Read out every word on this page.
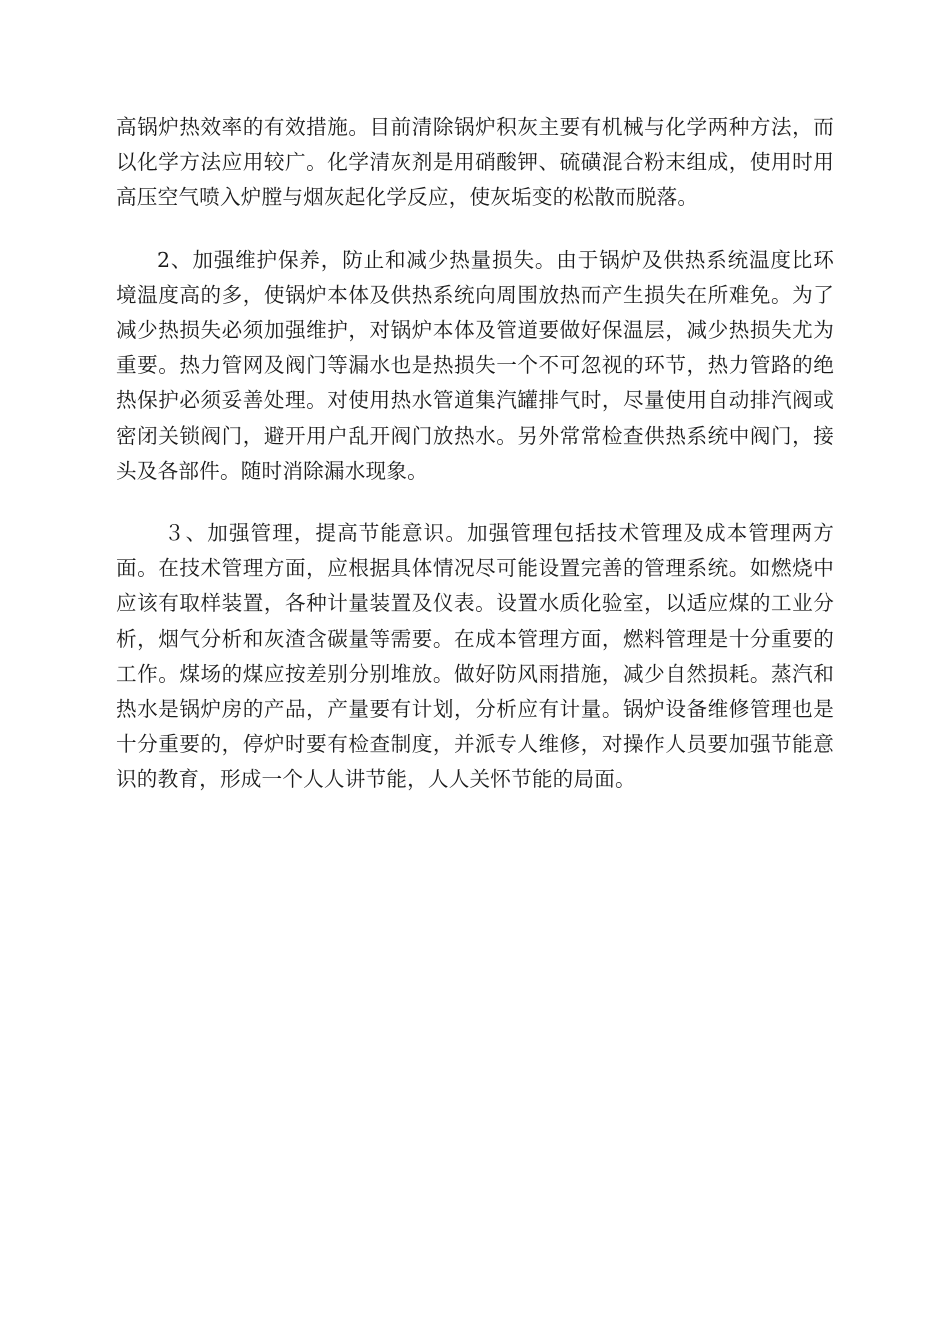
高锅炉热效率的有效措施。目前清除锅炉积灰主要有机械与化学两种方法，而以化学方法应用较广。化学清灰剂是用硝酸钾、硫磺混合粉末组成，使用时用高压空气喷入炉膛与烟灰起化学反应，使灰垢变的松散而脱落。

2、加强维护保养，防止和减少热量损失。由于锅炉及供热系统温度比环境温度高的多，使锅炉本体及供热系统向周围放热而产生损失在所难免。为了减少热损失必须加强维护，对锅炉本体及管道要做好保温层，减少热损失尤为重要。热力管网及阀门等漏水也是热损失一个不可忽视的环节，热力管路的绝热保护必须妥善处理。对使用热水管道集汽罐排气时，尽量使用自动排汽阀或密闭关锁阀门，避开用户乱开阀门放热水。另外常常检查供热系统中阀门，接头及各部件。随时消除漏水现象。

３、加强管理，提高节能意识。加强管理包括技术管理及成本管理两方面。在技术管理方面，应根据具体情况尽可能设置完善的管理系统。如燃烧中应该有取样装置，各种计量装置及仪表。设置水质化验室，以适应煤的工业分析，烟气分析和灰渣含碳量等需要。在成本管理方面，燃料管理是十分重要的工作。煤场的煤应按差别分别堆放。做好防风雨措施，减少自然损耗。蒸汽和热水是锅炉房的产品，产量要有计划，分析应有计量。锅炉设备维修管理也是十分重要的，停炉时要有检查制度，并派专人维修，对操作人员要加强节能意识的教育，形成一个人人讲节能，人人关怀节能的局面。
